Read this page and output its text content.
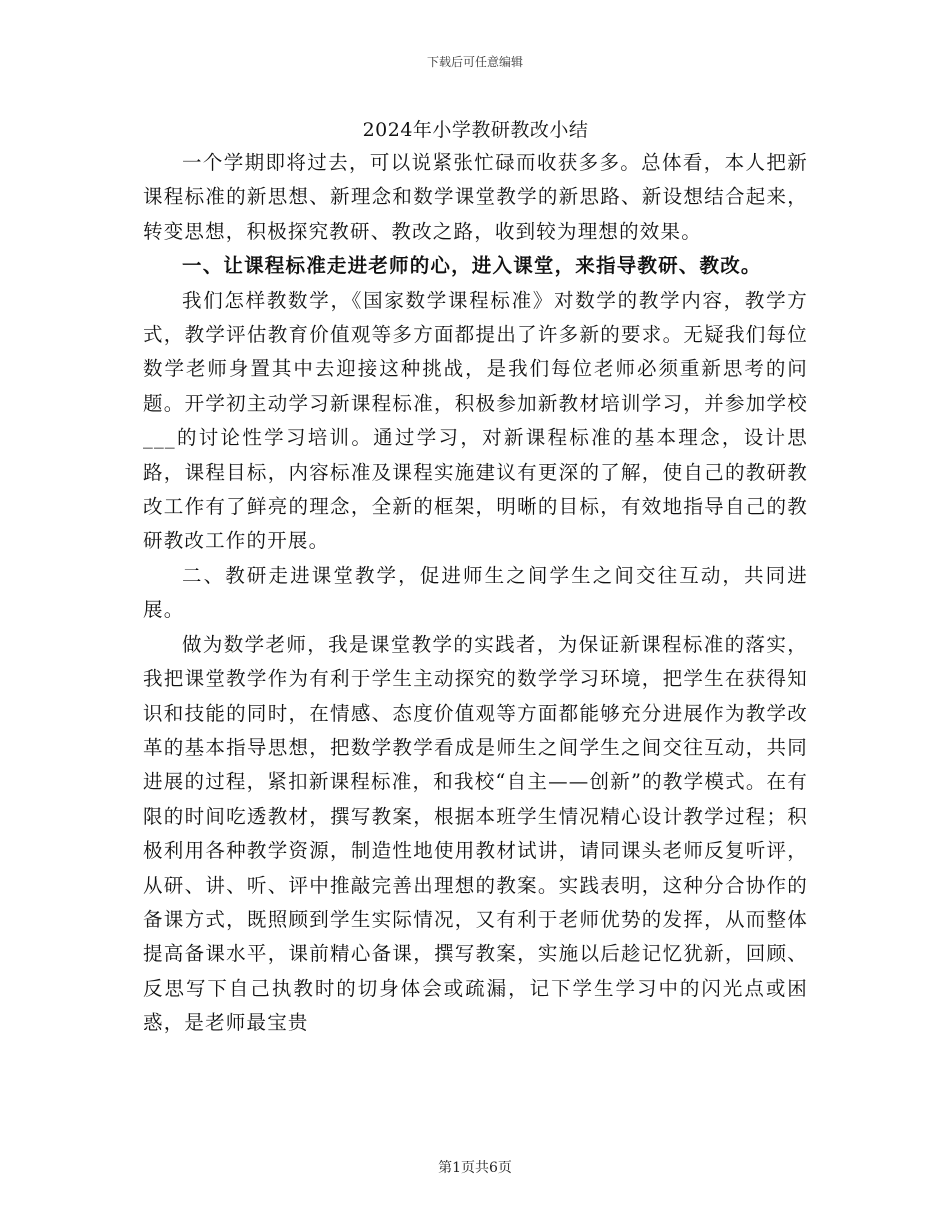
下载后可任意编辑
2024年小学教研教改小结

一个学期即将过去，可以说紧张忙碌而收获多多。总体看，本人把新课程标准的新思想、新理念和数学课堂教学的新思路、新设想结合起来，转变思想，积极探究教研、教改之路，收到较为理想的效果。

一、让课程标准走进老师的心，进入课堂，来指导教研、教改。

我们怎样教数学，《国家数学课程标准》对数学的教学内容，教学方式，教学评估教育价值观等多方面都提出了许多新的要求。无疑我们每位数学老师身置其中去迎接这种挑战，是我们每位老师必须重新思考的问题。开学初主动学习新课程标准，积极参加新教材培训学习，并参加学校___的讨论性学习培训。通过学习，对新课程标准的基本理念，设计思路，课程目标，内容标准及课程实施建议有更深的了解，使自己的教研教改工作有了鲜亮的理念，全新的框架，明晰的目标，有效地指导自己的教研教改工作的开展。

二、教研走进课堂教学，促进师生之间学生之间交往互动，共同进展。

做为数学老师，我是课堂教学的实践者，为保证新课程标准的落实，我把课堂教学作为有利于学生主动探究的数学学习环境，把学生在获得知识和技能的同时，在情感、态度价值观等方面都能够充分进展作为教学改革的基本指导思想，把数学教学看成是师生之间学生之间交往互动，共同进展的过程，紧扣新课程标准，和我校“自主——创新”的教学模式。在有限的时间吃透教材，撰写教案，根据本班学生情况精心设计教学过程；积极利用各种教学资源，制造性地使用教材试讲，请同课头老师反复听评，从研、讲、听、评中推敲完善出理想的教案。实践表明，这种分合协作的备课方式，既照顾到学生实际情况，又有利于老师优势的发挥，从而整体提高备课水平，课前精心备课，撰写教案，实施以后趁记忆犹新，回顾、反思写下自己执教时的切身体会或疏漏，记下学生学习中的闪光点或困惑，是老师最宝贵

第1页共6页
